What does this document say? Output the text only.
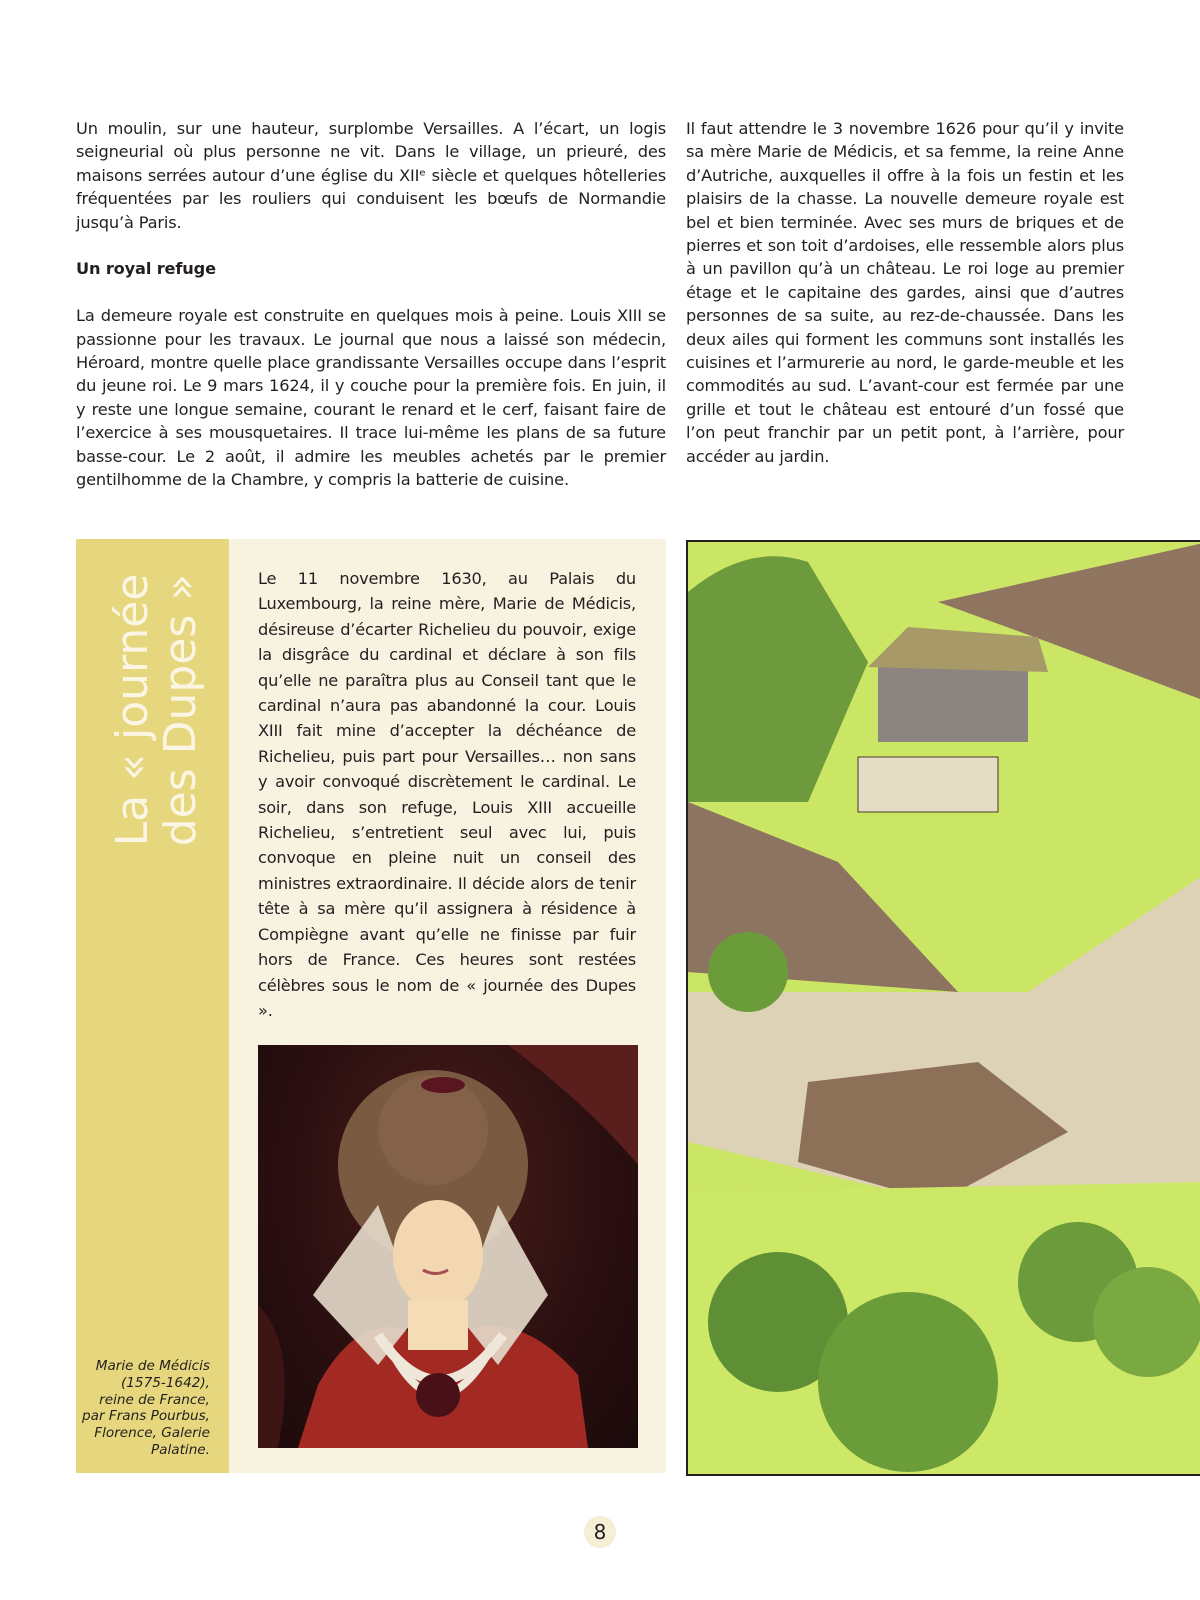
Un moulin, sur une hauteur, surplombe Versailles. A l’écart, un logis seigneurial où plus personne ne vit. Dans le village, un prieuré, des maisons serrées autour d’une église du XIIᵉ siècle et quelques hôtelleries fréquentées par les rouliers qui conduisent les bœufs de Normandie jusqu’à Paris.

Un royal refuge

La demeure royale est construite en quelques mois à peine. Louis XIII se passionne pour les travaux. Le journal que nous a laissé son médecin, Héroard, montre quelle place grandissante Versailles occupe dans l’esprit du jeune roi. Le 9 mars 1624, il y couche pour la première fois. En juin, il y reste une longue semaine, courant le renard et le cerf, faisant faire de l’exercice à ses mousquetaires. Il trace lui-même les plans de sa future basse-cour. Le 2 août, il admire les meubles achetés par le premier gentilhomme de la Chambre, y compris la batterie de cuisine.

Il faut attendre le 3 novembre 1626 pour qu’il y invite sa mère Marie de Médicis, et sa femme, la reine Anne d’Autriche, auxquelles il offre à la fois un festin et les plaisirs de la chasse. La nouvelle demeure royale est bel et bien terminée. Avec ses murs de briques et de pierres et son toit d’ardoises, elle ressemble alors plus à un pavillon qu’à un château. Le roi loge au premier étage et le capitaine des gardes, ainsi que d’autres personnes de sa suite, au rez-de-chaussée. Dans les deux ailes qui forment les communs sont installés les cuisines et l’armurerie au nord, le garde-meuble et les commodités au sud. L’avant-cour est fermée par une grille et tout le château est entouré d’un fossé que l’on peut franchir par un petit pont, à l’arrière, pour accéder au jardin.

La « journée
des Dupes »	Le 11 novembre 1630, au Palais du Luxembourg, la reine mère, Marie de Médicis, désireuse d’écarter Richelieu du pouvoir, exige la disgrâce du cardinal et déclare à son fils qu’elle ne paraîtra plus au Conseil tant que le cardinal n’aura pas abandonné la cour. Louis XIII fait mine d’accepter la déchéance de Richelieu, puis part pour Versailles… non sans y avoir convoqué discrètement le cardinal. Le soir, dans son refuge, Louis XIII accueille Richelieu, s’entretient seul avec lui, puis convoque en pleine nuit un conseil des ministres extraordinaire. Il décide alors de tenir tête à sa mère qu’il assignera à résidence à Compiègne avant qu’elle ne finisse par fuir hors de France. Ces heures sont restées célèbres sous le nom de « journée des Dupes ».
Marie de Médicis (1575-1642), reine de France, par Frans Pourbus, Florence, Galerie Palatine.
8
